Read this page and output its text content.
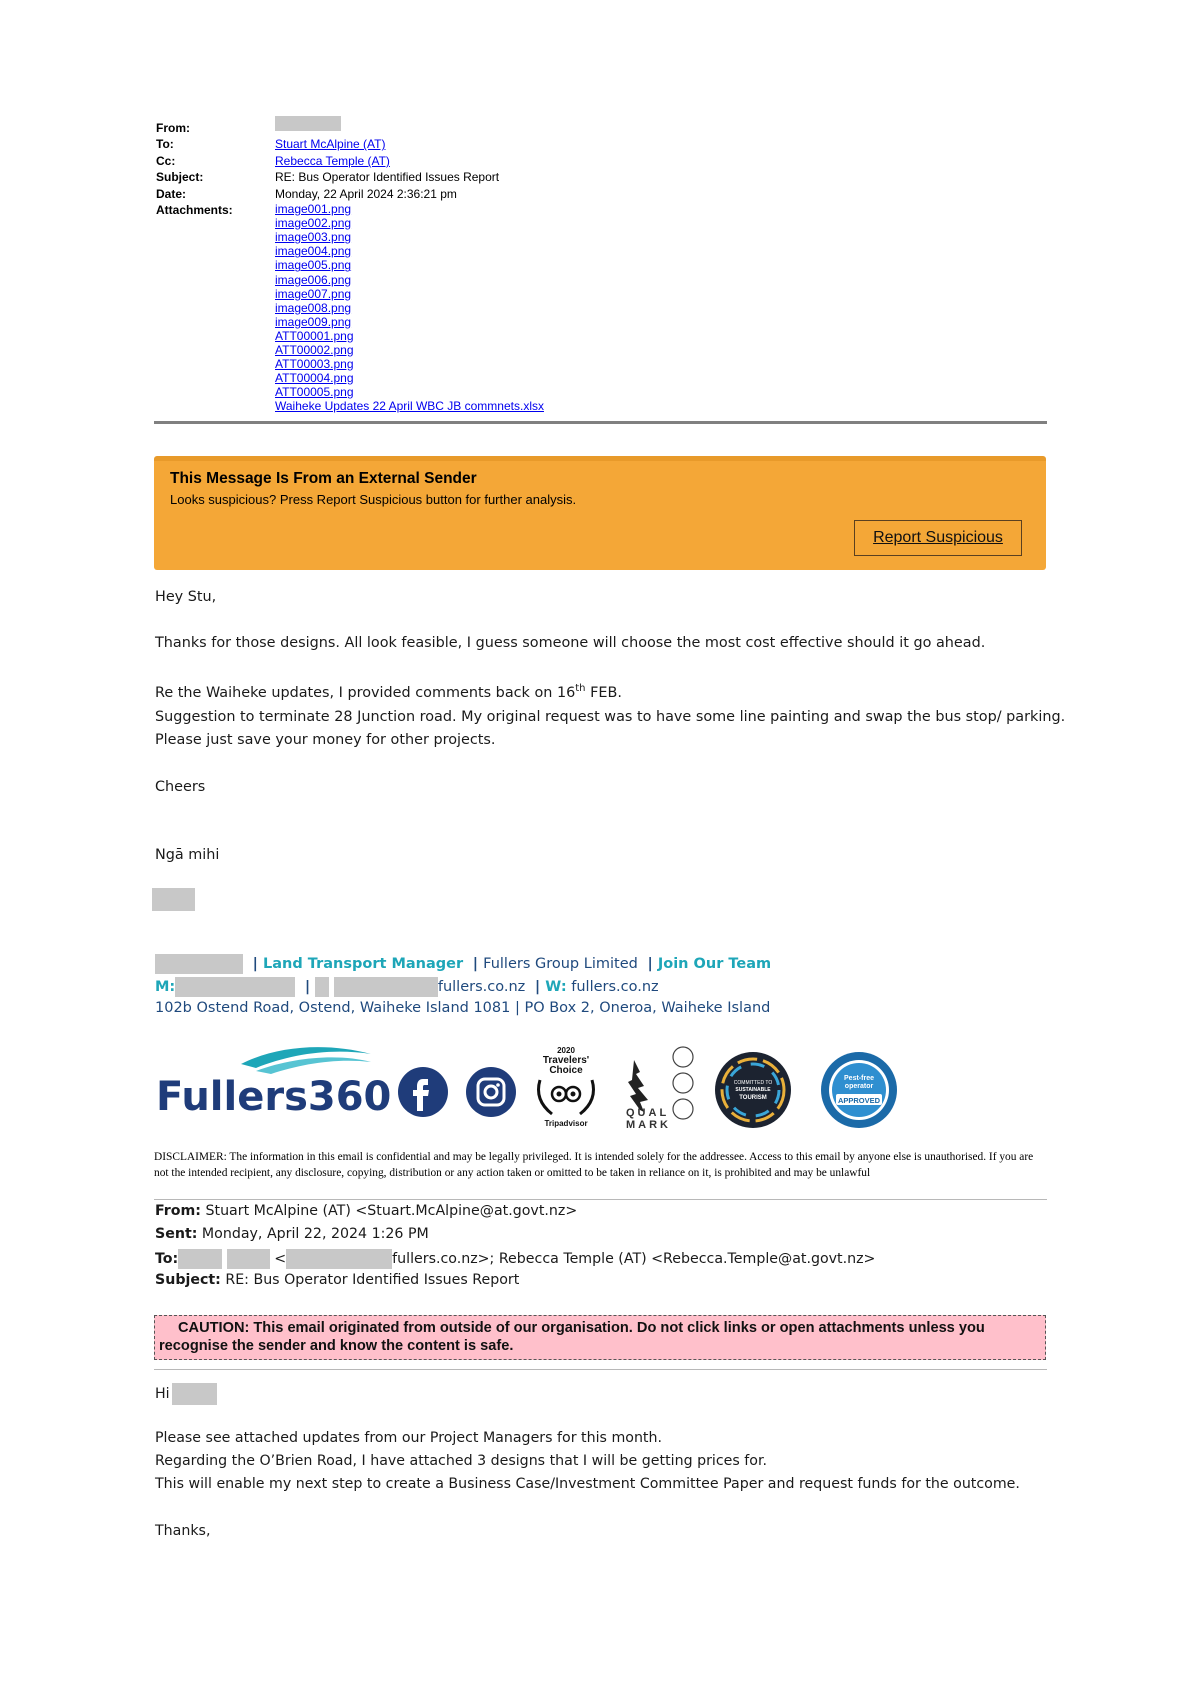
From:
To:	Stuart McAlpine (AT)
Cc:	Rebecca Temple (AT)
Subject:	RE: Bus Operator Identified Issues Report
Date:	Monday, 22 April 2024 2:36:21 pm
Attachments:	image001.png
image002.png
image003.png
image004.png
image005.png
image006.png
image007.png
image008.png
image009.png
ATT00001.png
ATT00002.png
ATT00003.png
ATT00004.png
ATT00005.png
Waiheke Updates 22 April WBC JB commnets.xlsx
This Message Is From an External Sender
Looks suspicious? Press Report Suspicious button for further analysis.
Report Suspicious
Hey Stu,
Thanks for those designs. All look feasible, I guess someone will choose the most cost effective should it go ahead.
Re the Waiheke updates, I provided comments back on 16th FEB.
Suggestion to terminate 28 Junction road. My original request was to have some line painting and swap the bus stop/ parking.
Please just save your money for other projects.
Cheers
Ngā mihi
| Land Transport Manager  | Fullers Group Limited  | Join Our Team
M:	|	fullers.co.nz  | W: fullers.co.nz
102b Ostend Road, Ostend, Waiheke Island 1081 | PO Box 2, Oneroa, Waiheke Island
Fullers360
2020
Travelers'
Choice
Tripadvisor
QUAL
MARK
COMMITTED TO
SUSTAINABLE
TOURISM
Pest-free
operator
APPROVED
DISCLAIMER: The information in this email is confidential and may be legally privileged. It is intended solely for the addressee. Access to this email by anyone else is unauthorised. If you are not the intended recipient, any disclosure, copying, distribution or any action taken or omitted to be taken in reliance on it, is prohibited and may be unlawful
From: Stuart McAlpine (AT) <Stuart.McAlpine@at.govt.nz>
Sent: Monday, April 22, 2024 1:26 PM
To:	<	fullers.co.nz>; Rebecca Temple (AT) <Rebecca.Temple@at.govt.nz>
Subject: RE: Bus Operator Identified Issues Report
CAUTION: This email originated from outside of our organisation. Do not click links or open attachments unless you recognise the sender and know the content is safe.
Hi
Please see attached updates from our Project Managers for this month.
Regarding the O’Brien Road, I have attached 3 designs that I will be getting prices for.
This will enable my next step to create a Business Case/Investment Committee Paper and request funds for the outcome.
Thanks,
